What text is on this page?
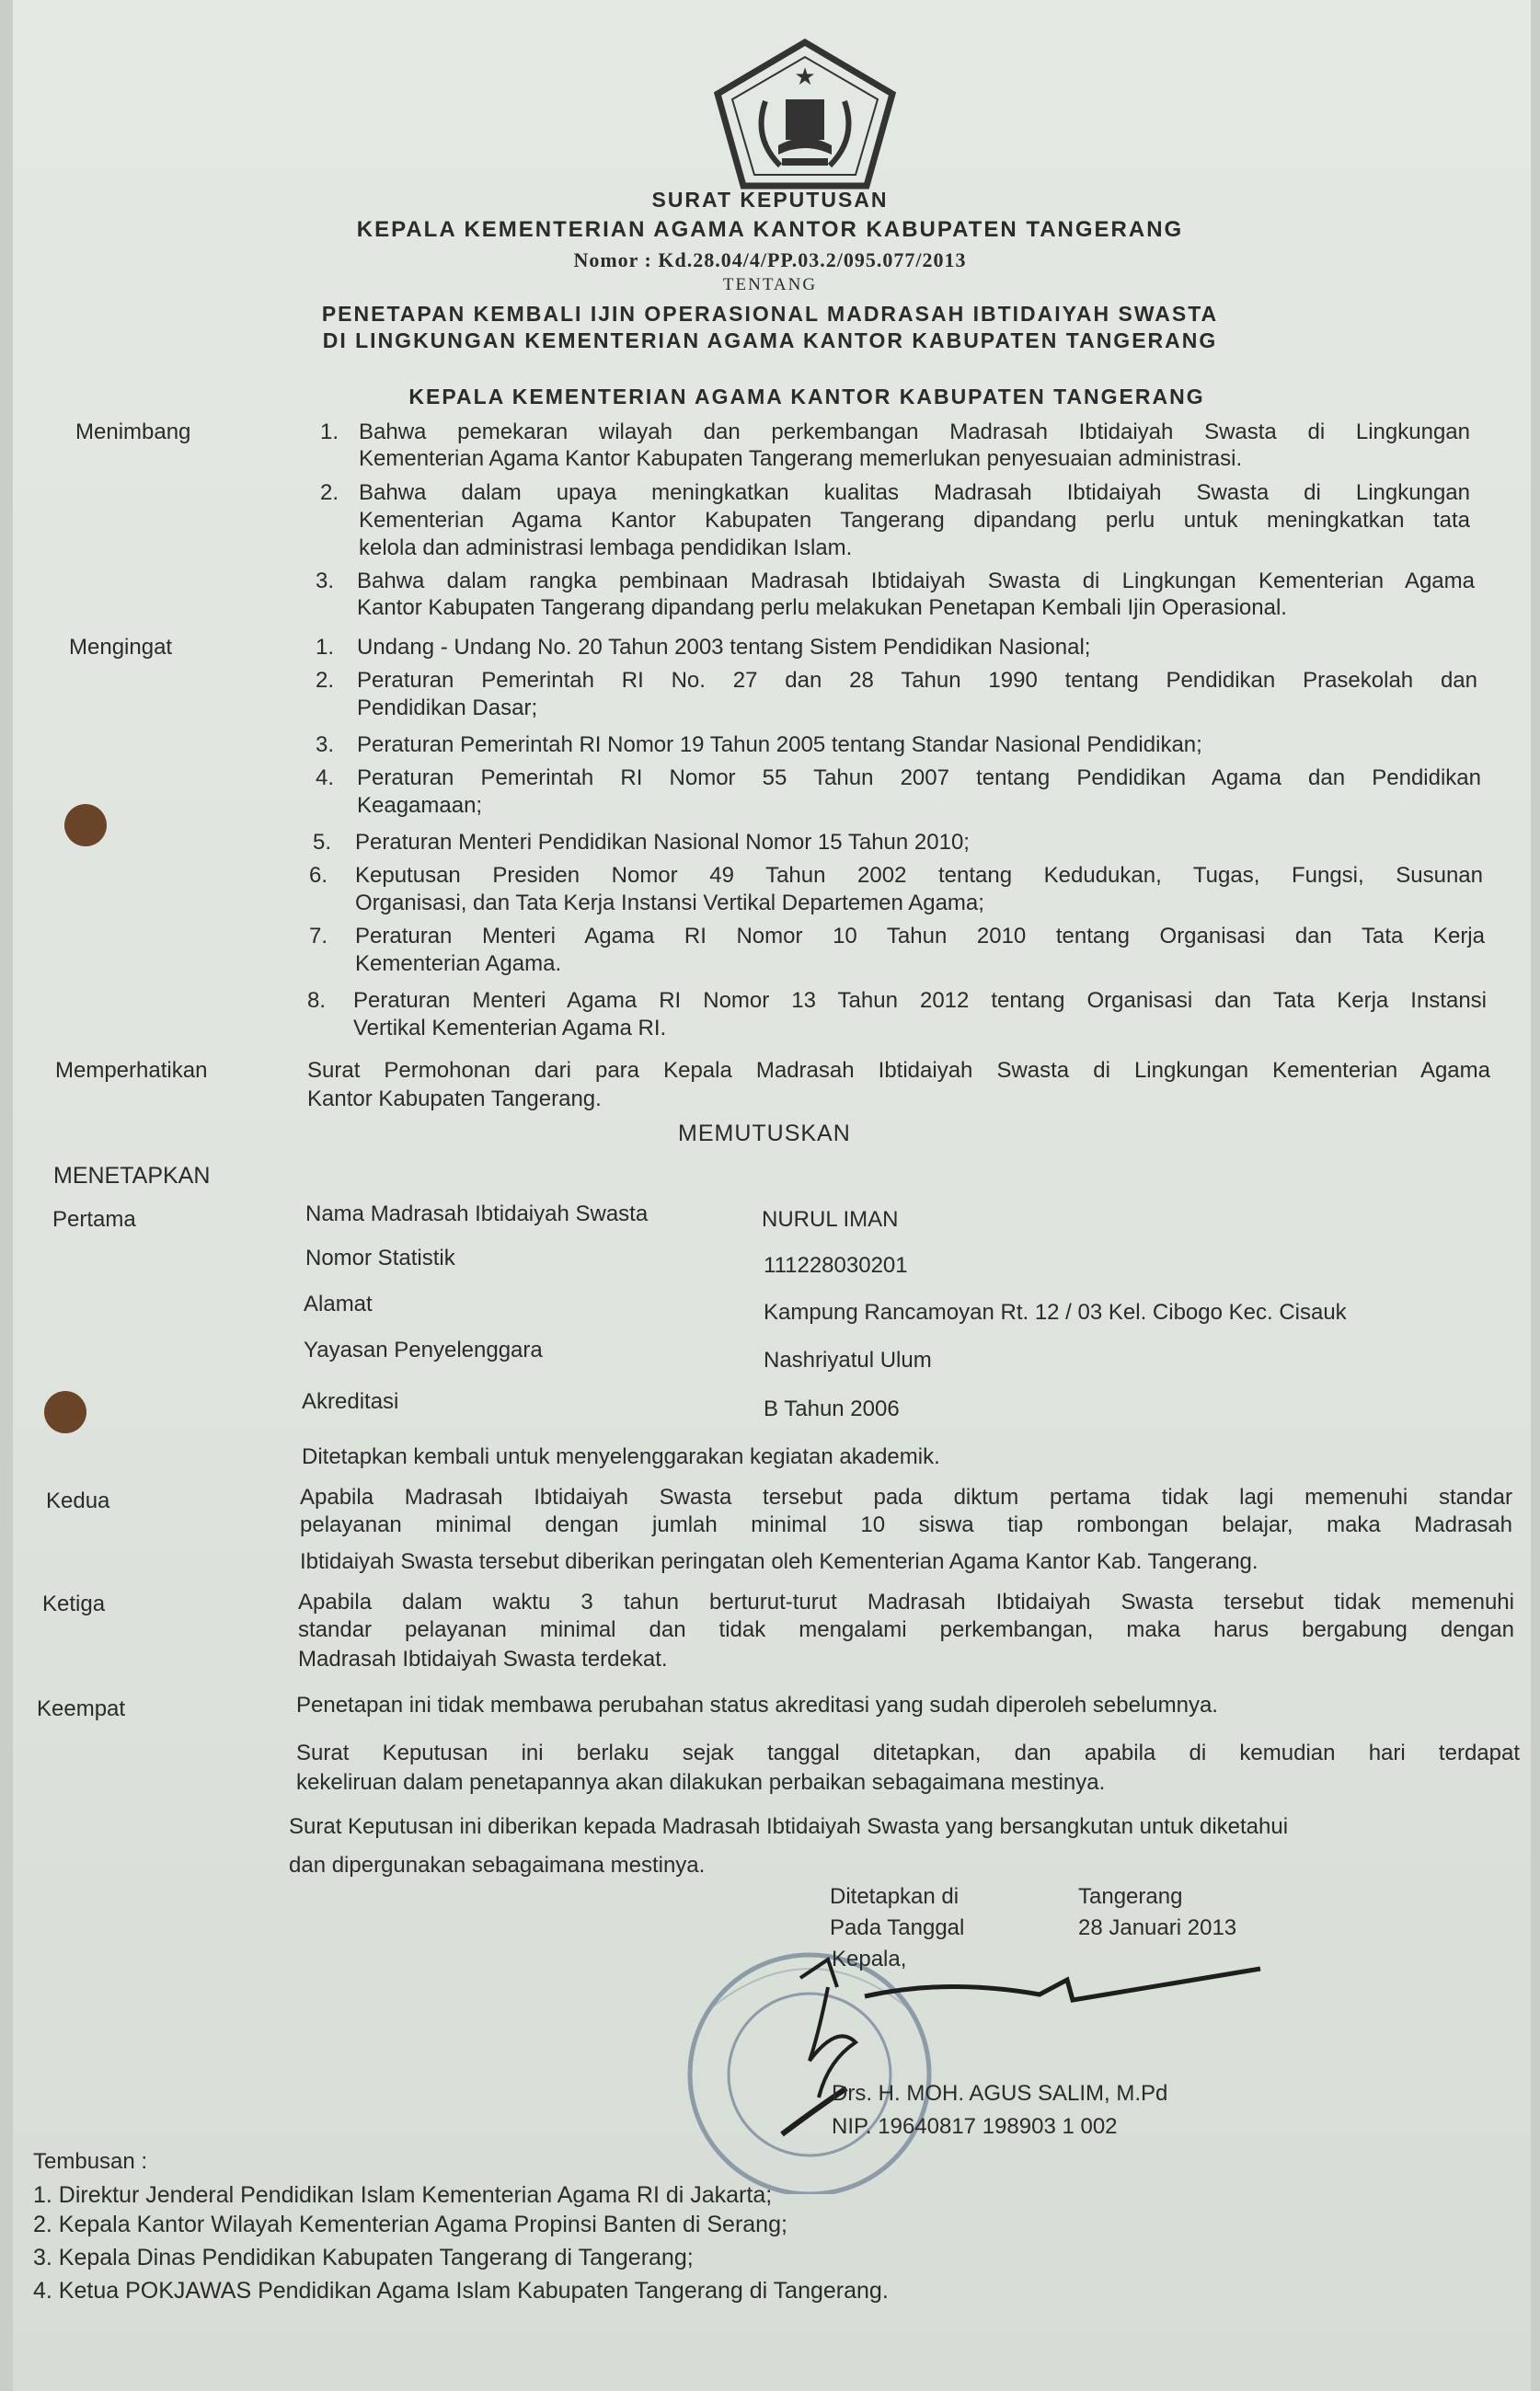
★
SURAT KEPUTUSAN
KEPALA KEMENTERIAN AGAMA KANTOR KABUPATEN TANGERANG
Nomor : Kd.28.04/4/PP.03.2/095.077/2013
TENTANG
PENETAPAN KEMBALI IJIN OPERASIONAL MADRASAH IBTIDAIYAH SWASTA
DI LINGKUNGAN KEMENTERIAN AGAMA KANTOR KABUPATEN TANGERANG
KEPALA KEMENTERIAN AGAMA KANTOR KABUPATEN TANGERANG
Menimbang	1. Bahwa pemekaran wilayah dan perkembangan Madrasah Ibtidaiyah Swasta di Lingkungan
Kementerian Agama Kantor Kabupaten Tangerang memerlukan penyesuaian administrasi.
2. Bahwa dalam upaya meningkatkan kualitas Madrasah Ibtidaiyah Swasta di Lingkungan
Kementerian Agama Kantor Kabupaten Tangerang dipandang perlu untuk meningkatkan tata
kelola dan administrasi lembaga pendidikan Islam.
3. Bahwa dalam rangka pembinaan Madrasah Ibtidaiyah Swasta di Lingkungan Kementerian Agama
Kantor Kabupaten Tangerang dipandang perlu melakukan Penetapan Kembali Ijin Operasional.
Mengingat	1. Undang - Undang No. 20 Tahun 2003 tentang Sistem Pendidikan Nasional;
2. Peraturan Pemerintah RI No. 27 dan 28 Tahun 1990 tentang Pendidikan Prasekolah dan
Pendidikan Dasar;
3. Peraturan Pemerintah RI Nomor 19 Tahun 2005 tentang Standar Nasional Pendidikan;
4. Peraturan Pemerintah RI Nomor 55 Tahun 2007 tentang Pendidikan Agama dan Pendidikan
Keagamaan;
5. Peraturan Menteri Pendidikan Nasional Nomor 15 Tahun 2010;
6. Keputusan Presiden Nomor 49 Tahun 2002 tentang Kedudukan, Tugas, Fungsi, Susunan
Organisasi, dan Tata Kerja Instansi Vertikal Departemen Agama;
7. Peraturan Menteri Agama RI Nomor 10 Tahun 2010 tentang Organisasi dan Tata Kerja
Kementerian Agama.
8. Peraturan Menteri Agama RI Nomor 13 Tahun 2012 tentang Organisasi dan Tata Kerja Instansi
Vertikal Kementerian Agama RI.
Memperhatikan	Surat Permohonan dari para Kepala Madrasah Ibtidaiyah Swasta di Lingkungan Kementerian Agama
Kantor Kabupaten Tangerang.
MEMUTUSKAN
MENETAPKAN
Pertama	Nama Madrasah Ibtidaiyah Swasta	NURUL IMAN
Nomor Statistik	111228030201
Alamat	Kampung Rancamoyan Rt. 12 / 03 Kel. Cibogo Kec. Cisauk
Yayasan Penyelenggara	Nashriyatul Ulum
Akreditasi	B Tahun 2006
Ditetapkan kembali untuk menyelenggarakan kegiatan akademik.
Kedua	Apabila Madrasah Ibtidaiyah Swasta tersebut pada diktum pertama tidak lagi memenuhi standar
pelayanan minimal dengan jumlah minimal 10 siswa tiap rombongan belajar, maka Madrasah
Ibtidaiyah Swasta tersebut diberikan peringatan oleh Kementerian Agama Kantor Kab. Tangerang.
Ketiga	Apabila dalam waktu 3 tahun berturut-turut Madrasah Ibtidaiyah Swasta tersebut tidak memenuhi
standar pelayanan minimal dan tidak mengalami perkembangan, maka harus bergabung dengan
Madrasah Ibtidaiyah Swasta terdekat.
Keempat	Penetapan ini tidak membawa perubahan status akreditasi yang sudah diperoleh sebelumnya.
Surat Keputusan ini berlaku sejak tanggal ditetapkan, dan apabila di kemudian hari terdapat
kekeliruan dalam penetapannya akan dilakukan perbaikan sebagaimana mestinya.
Surat Keputusan ini diberikan kepada Madrasah Ibtidaiyah Swasta yang bersangkutan untuk diketahui
dan dipergunakan sebagaimana mestinya.
Ditetapkan di	Tangerang
Pada Tanggal	28 Januari 2013
Kepala,
Drs. H. MOH. AGUS SALIM, M.Pd
NIP. 19640817 198903 1 002
Tembusan :
1. Direktur Jenderal Pendidikan Islam Kementerian Agama RI di Jakarta;
2. Kepala Kantor Wilayah Kementerian Agama Propinsi Banten di Serang;
3. Kepala Dinas Pendidikan Kabupaten Tangerang di Tangerang;
4. Ketua POKJAWAS Pendidikan Agama Islam Kabupaten Tangerang di Tangerang.
